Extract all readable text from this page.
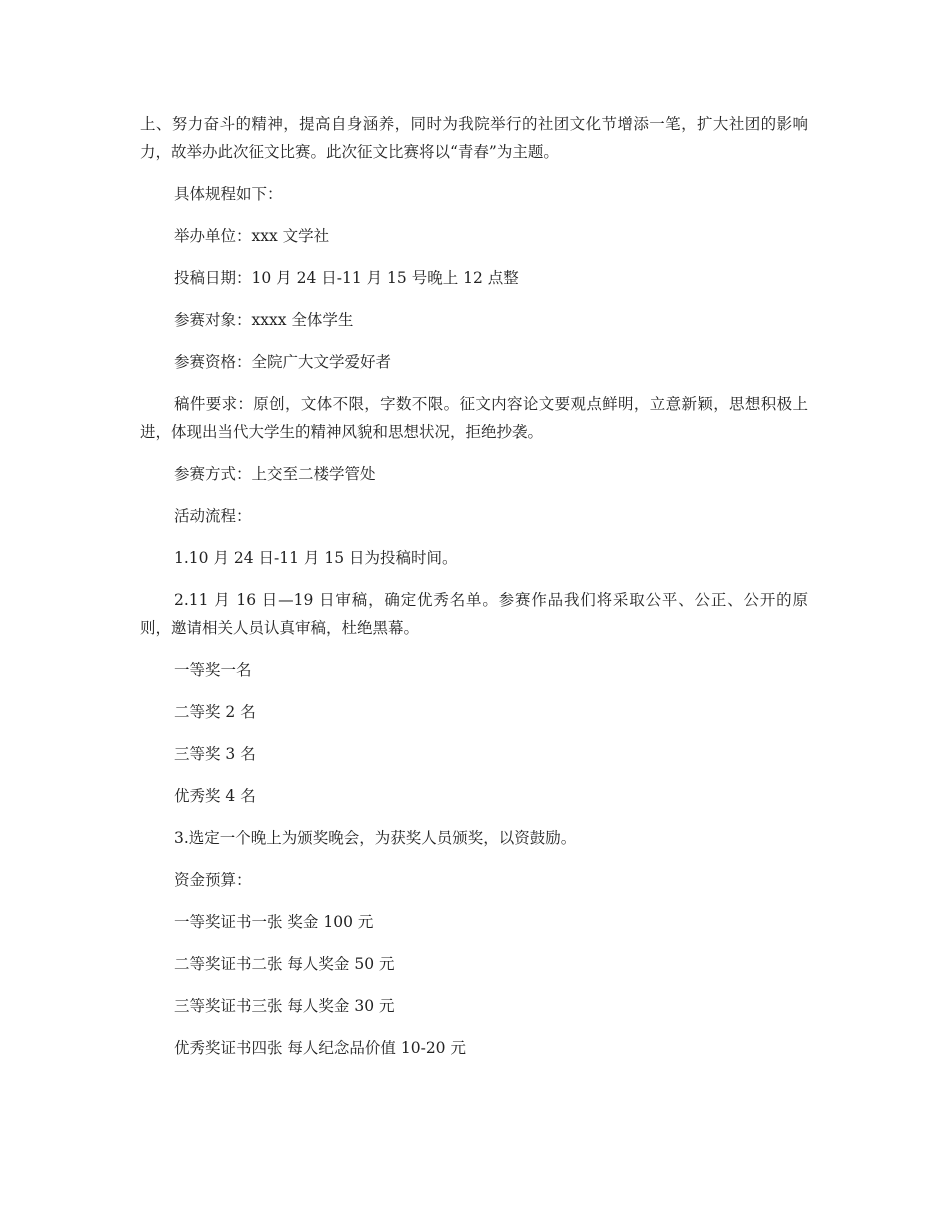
上、努力奋斗的精神，提高自身涵养，同时为我院举行的社团文化节增添一笔，扩大社团的影响力，故举办此次征文比赛。此次征文比赛将以“青春”为主题。

具体规程如下：

举办单位：xxx 文学社

投稿日期：10 月 24 日-11 月 15 号晚上 12 点整

参赛对象：xxxx 全体学生

参赛资格：全院广大文学爱好者

稿件要求：原创，文体不限，字数不限。征文内容论文要观点鲜明，立意新颖，思想积极上进，体现出当代大学生的精神风貌和思想状况，拒绝抄袭。

参赛方式：上交至二楼学管处

活动流程：

1.10 月 24 日-11 月 15 日为投稿时间。

2.11 月 16 日—19 日审稿，确定优秀名单。参赛作品我们将采取公平、公正、公开的原则，邀请相关人员认真审稿，杜绝黑幕。

一等奖一名

二等奖 2 名

三等奖 3 名

优秀奖 4 名

3.选定一个晚上为颁奖晚会，为获奖人员颁奖，以资鼓励。

资金预算：

一等奖证书一张 奖金 100 元

二等奖证书二张 每人奖金 50 元

三等奖证书三张 每人奖金 30 元

优秀奖证书四张 每人纪念品价值 10-20 元
